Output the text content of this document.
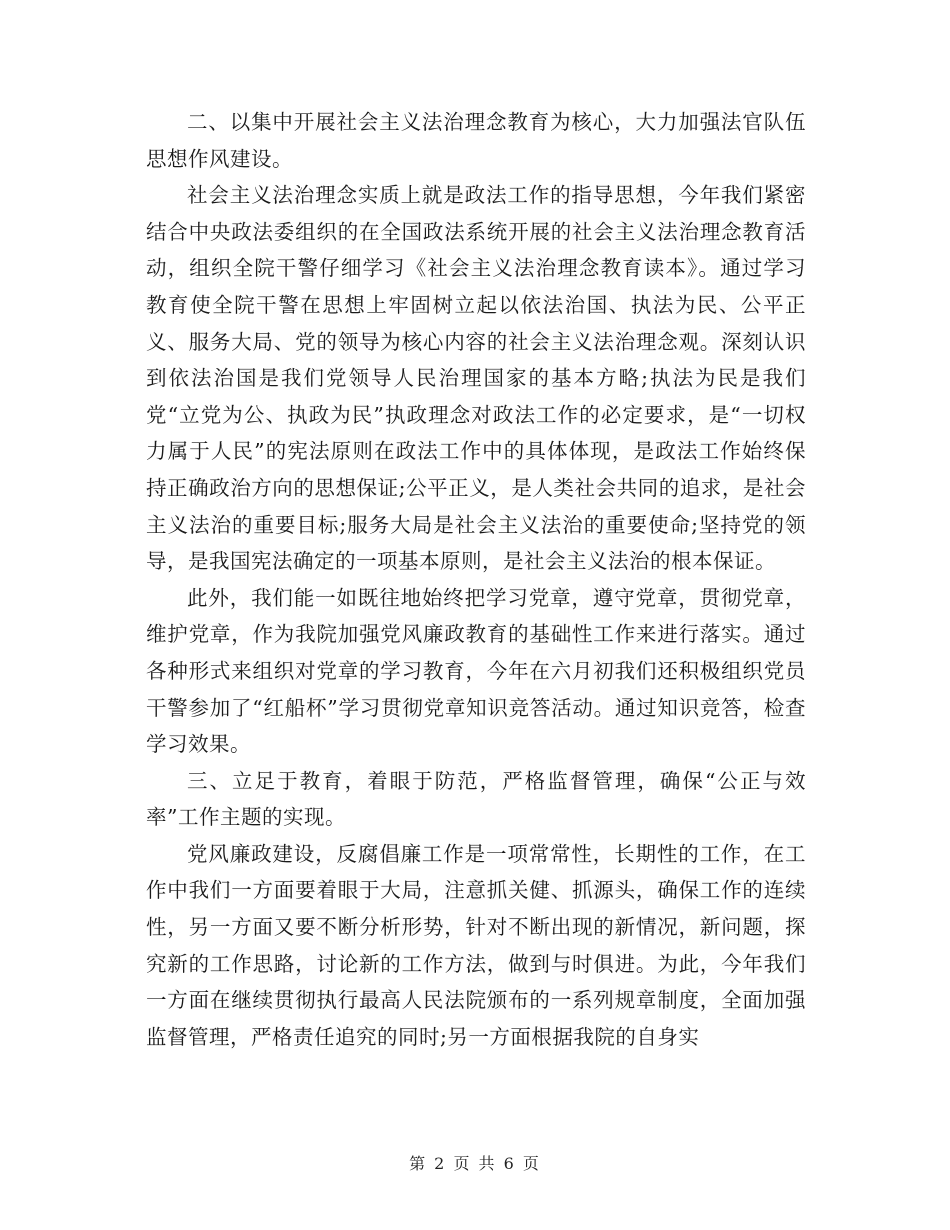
二、以集中开展社会主义法治理念教育为核心，大力加强法官队伍思想作风建设。

社会主义法治理念实质上就是政法工作的指导思想，今年我们紧密结合中央政法委组织的在全国政法系统开展的社会主义法治理念教育活动，组织全院干警仔细学习《社会主义法治理念教育读本》。通过学习教育使全院干警在思想上牢固树立起以依法治国、执法为民、公平正义、服务大局、党的领导为核心内容的社会主义法治理念观。深刻认识到依法治国是我们党领导人民治理国家的基本方略;执法为民是我们党“立党为公、执政为民”执政理念对政法工作的必定要求，是“一切权力属于人民”的宪法原则在政法工作中的具体体现，是政法工作始终保持正确政治方向的思想保证;公平正义，是人类社会共同的追求，是社会主义法治的重要目标;服务大局是社会主义法治的重要使命;坚持党的领导，是我国宪法确定的一项基本原则，是社会主义法治的根本保证。

此外，我们能一如既往地始终把学习党章，遵守党章，贯彻党章，维护党章，作为我院加强党风廉政教育的基础性工作来进行落实。通过各种形式来组织对党章的学习教育，今年在六月初我们还积极组织党员干警参加了“红船杯”学习贯彻党章知识竞答活动。通过知识竞答，检查学习效果。

三、立足于教育，着眼于防范，严格监督管理，确保“公正与效率”工作主题的实现。

党风廉政建设，反腐倡廉工作是一项常常性，长期性的工作，在工作中我们一方面要着眼于大局，注意抓关健、抓源头，确保工作的连续性，另一方面又要不断分析形势，针对不断出现的新情况，新问题，探究新的工作思路，讨论新的工作方法，做到与时俱进。为此，今年我们一方面在继续贯彻执行最高人民法院颁布的一系列规章制度，全面加强监督管理，严格责任追究的同时;另一方面根据我院的自身实

第 2 页 共 6 页
